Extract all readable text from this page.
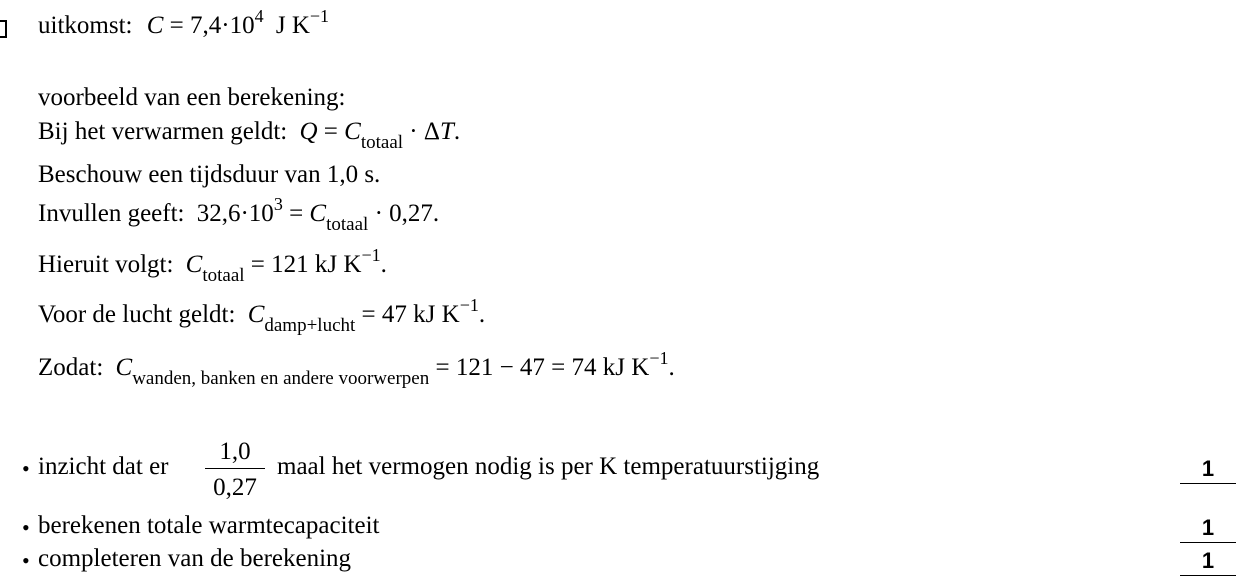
uitkomst: $C = 7,4\cdot 10^4$ J $K^{-1}$
voorbeeld van een berekening:
Bij het verwarmen geldt: $Q = C_{totaal} \cdot \Delta T$.
Beschouw een tijdsduur van 1,0 s.
Invullen geeft: $32,6\cdot 10^3 = C_{totaal} \cdot 0,27$.
Hieruit volgt: $C_{totaal} = 121$ kJ $K^{-1}$.
Voor de lucht geldt: $C_{damp+lucht} = 47$ kJ $K^{-1}$.
Zodat: $C_{wanden, banken en andere voorwerpen} = 121 - 47 = 74$ kJ $K^{-1}$.
• inzicht dat er
1,0
0,27
maal het vermogen nodig is per K temperatuurstijging	1
• berekenen totale warmtecapaciteit	1
• completeren van de berekening	1
